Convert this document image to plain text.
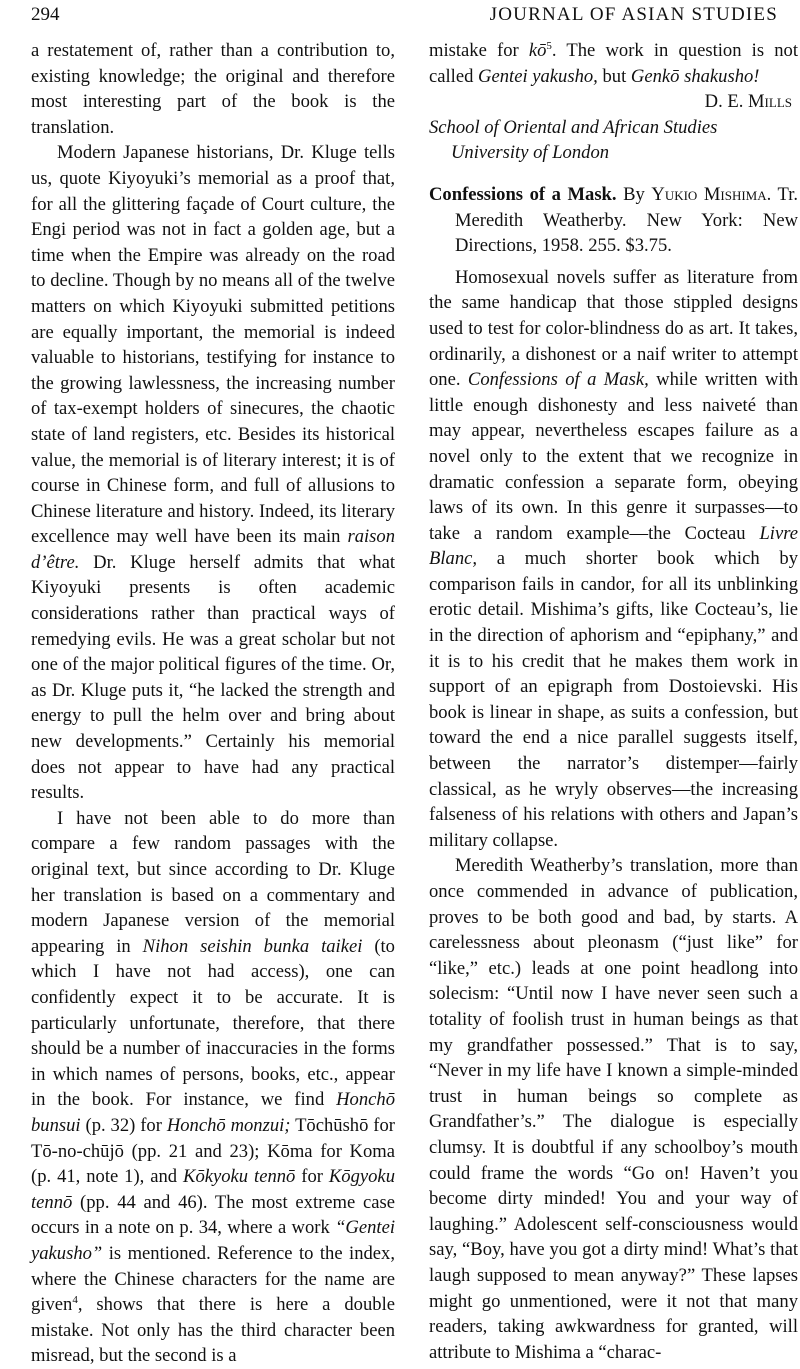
294	JOURNAL OF ASIAN STUDIES

a restatement of, rather than a contribution to, existing knowledge; the original and therefore most interesting part of the book is the translation.

Modern Japanese historians, Dr. Kluge tells us, quote Kiyoyuki’s memorial as a proof that, for all the glittering façade of Court culture, the Engi period was not in fact a golden age, but a time when the Empire was already on the road to decline. Though by no means all of the twelve matters on which Kiyoyuki submitted petitions are equally important, the memorial is indeed valuable to historians, testifying for instance to the growing lawlessness, the increasing number of tax-exempt holders of sinecures, the chaotic state of land registers, etc. Besides its historical value, the memorial is of literary interest; it is of course in Chinese form, and full of allusions to Chinese literature and history. Indeed, its literary excellence may well have been its main raison d’être. Dr. Kluge herself admits that what Kiyoyuki presents is often academic considerations rather than practical ways of remedying evils. He was a great scholar but not one of the major political figures of the time. Or, as Dr. Kluge puts it, “he lacked the strength and energy to pull the helm over and bring about new developments.” Certainly his memorial does not appear to have had any practical results.

I have not been able to do more than compare a few random passages with the original text, but since according to Dr. Kluge her translation is based on a commentary and modern Japanese version of the memorial appearing in Nihon seishin bunka taikei (to which I have not had access), one can confidently expect it to be accurate. It is particularly unfortunate, therefore, that there should be a number of inaccuracies in the forms in which names of persons, books, etc., appear in the book. For instance, we find Honchō bunsui (p. 32) for Honchō monzui; Tōchūshō for Tō-no-chūjō (pp. 21 and 23); Kōma for Koma (p. 41, note 1), and Kōkyoku tennō for Kōgyoku tennō (pp. 44 and 46). The most extreme case occurs in a note on p. 34, where a work “Gentei yakusho” is mentioned. Reference to the index, where the Chinese characters for the name are given$^4$, shows that there is here a double mistake. Not only has the third character been misread, but the second is a

mistake for $kō^5$. The work in question is not called Gentei yakusho, but Genkō shakusho!

D. E. Mills

School of Oriental and African Studies

University of London

Confessions of a Mask. By Yukio Mishima. Tr. Meredith Weatherby. New York: New Directions, 1958. 255. $3.75.

Homosexual novels suffer as literature from the same handicap that those stippled designs used to test for color-blindness do as art. It takes, ordinarily, a dishonest or a naif writer to attempt one. Confessions of a Mask, while written with little enough dishonesty and less naiveté than may appear, nevertheless escapes failure as a novel only to the extent that we recognize in dramatic confession a separate form, obeying laws of its own. In this genre it surpasses—to take a random example—the Cocteau Livre Blanc, a much shorter book which by comparison fails in candor, for all its unblinking erotic detail. Mishima’s gifts, like Cocteau’s, lie in the direction of aphorism and “epiphany,” and it is to his credit that he makes them work in support of an epigraph from Dostoievski. His book is linear in shape, as suits a confession, but toward the end a nice parallel suggests itself, between the narrator’s distemper—fairly classical, as he wryly observes—the increasing falseness of his relations with others and Japan’s military collapse.

Meredith Weatherby’s translation, more than once commended in advance of publication, proves to be both good and bad, by starts. A carelessness about pleonasm (“just like” for “like,” etc.) leads at one point headlong into solecism: “Until now I have never seen such a totality of foolish trust in human beings as that my grandfather possessed.” That is to say, “Never in my life have I known a simple-minded trust in human beings so complete as Grandfather’s.” The dialogue is especially clumsy. It is doubtful if any schoolboy’s mouth could frame the words “Go on! Haven’t you become dirty minded! You and your way of laughing.” Adolescent self-consciousness would say, “Boy, have you got a dirty mind! What’s that laugh supposed to mean anyway?” These lapses might go unmentioned, were it not that many readers, taking awkwardness for granted, will attribute to Mishima a “charac-
